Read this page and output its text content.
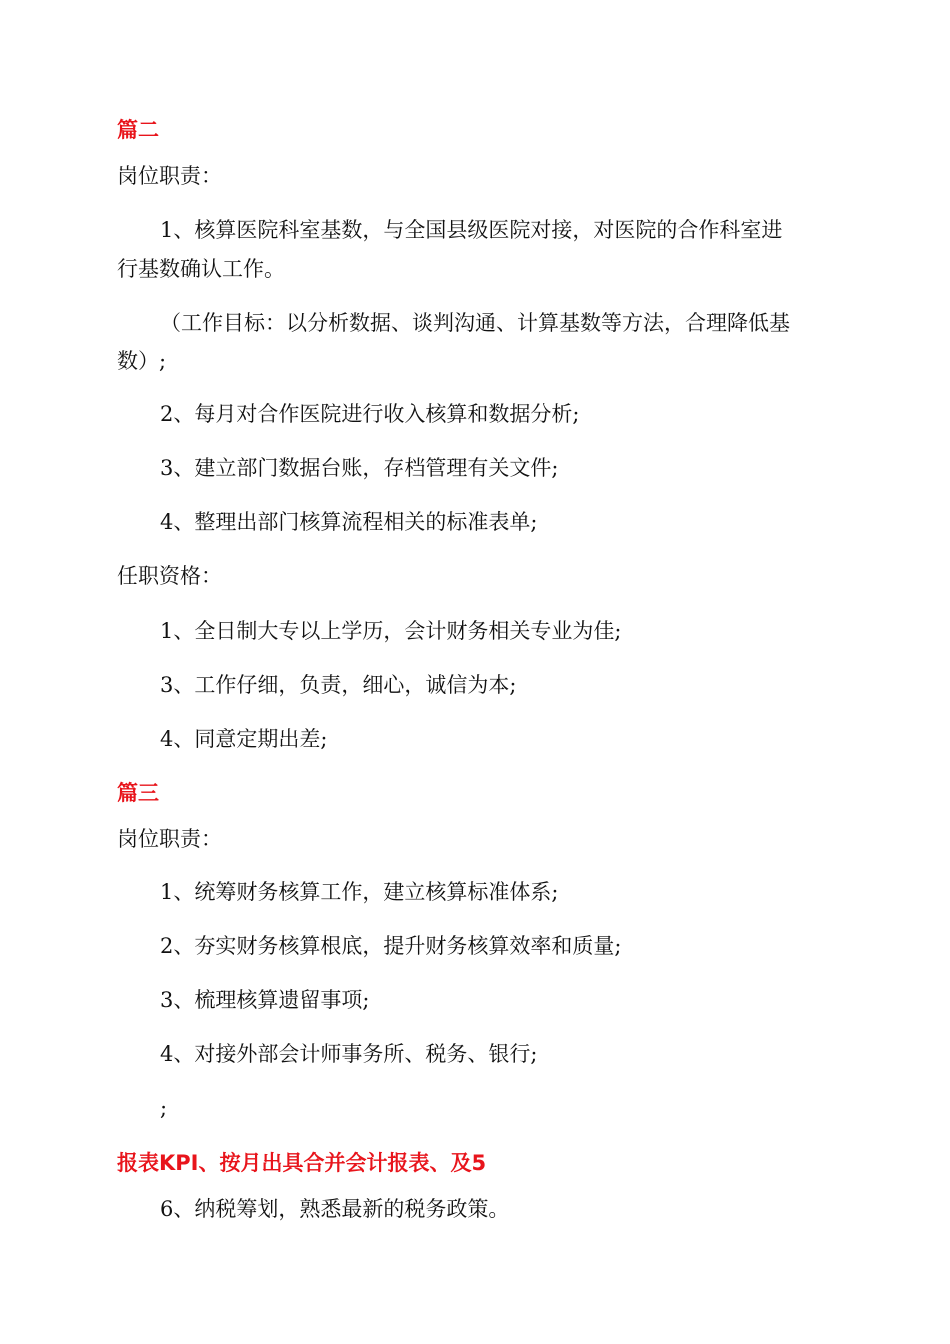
篇二
岗位职责：
1、核算医院科室基数，与全国县级医院对接，对医院的合作科室进
行基数确认工作。
（工作目标：以分析数据、谈判沟通、计算基数等方法，合理降低基
数）;
2、每月对合作医院进行收入核算和数据分析;
3、建立部门数据台账，存档管理有关文件;
4、整理出部门核算流程相关的标准表单;
任职资格：
1、全日制大专以上学历，会计财务相关专业为佳;
3、工作仔细，负责，细心，诚信为本;
4、同意定期出差;
篇三
岗位职责：
1、统筹财务核算工作，建立核算标准体系;
2、夯实财务核算根底，提升财务核算效率和质量;
3、梳理核算遗留事项;
4、对接外部会计师事务所、税务、银行;
;
报表KPI、按月出具合并会计报表、及5
6、纳税筹划，熟悉最新的税务政策。
